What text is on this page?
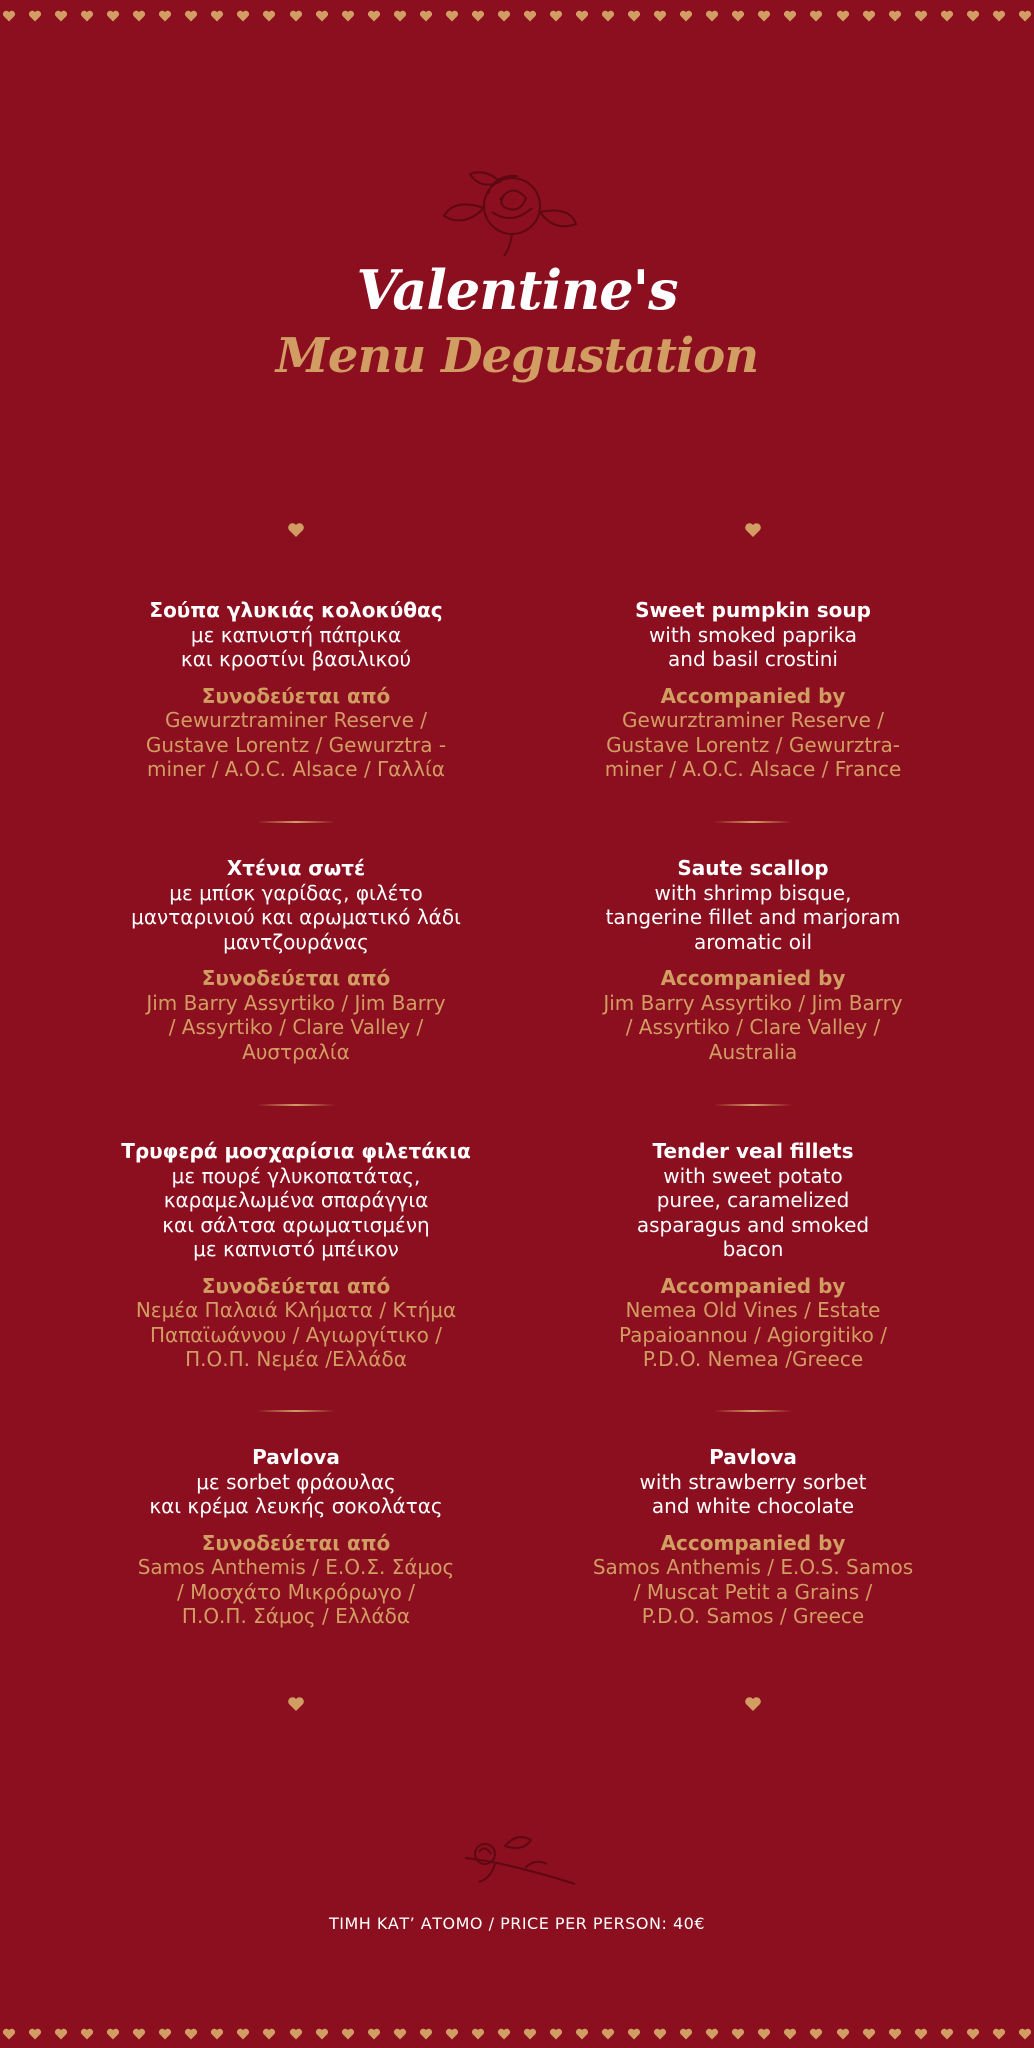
Valentine's
Menu Degustation
Σούπα γλυκιάς κολοκύθας
με καπνιστή πάπρικα
και κροστίνι βασιλικού
Συνοδεύεται από
Gewurztraminer Reserve /
Gustave Lorentz / Gewurztra -
miner / A.O.C. Alsace / Γαλλία
Sweet pumpkin soup
with smoked paprika
and basil crostini
Accompanied by
Gewurztraminer Reserve /
Gustave Lorentz / Gewurztra-
miner / A.O.C. Alsace / France
Χτένια σωτέ
με μπίσκ γαρίδας, φιλέτο
μανταρινιού και αρωματικό λάδι
μαντζουράνας
Συνοδεύεται από
Jim Barry Assyrtiko / Jim Barry
/ Assyrtiko / Clare Valley /
Αυστραλία
Saute scallop
with shrimp bisque,
tangerine fillet and marjoram
aromatic oil
Accompanied by
Jim Barry Assyrtiko / Jim Barry
/ Assyrtiko / Clare Valley /
Australia
Τρυφερά μοσχαρίσια φιλετάκια
με πουρέ γλυκοπατάτας,
καραμελωμένα σπαράγγια
και σάλτσα αρωματισμένη
με καπνιστό μπέικον
Συνοδεύεται από
Νεμέα Παλαιά Κλήματα / Κτήμα
Παπαϊωάννου / Αγιωργίτικο /
Π.Ο.Π. Νεμέα /Ελλάδα
Tender veal fillets
with sweet potato
puree, caramelized
asparagus and smoked
bacon
Accompanied by
Nemea Old Vines / Estate
Papaioannou / Agiorgitiko /
P.D.O. Nemea /Greece
Pavlova
με sorbet φράουλας
και κρέμα λευκής σοκολάτας
Συνοδεύεται από
Samos Anthemis / Ε.Ο.Σ. Σάμος
/ Μοσχάτο Μικρόρωγο /
Π.Ο.Π. Σάμος / Ελλάδα
Pavlova
with strawberry sorbet
and white chocolate
Accompanied by
Samos Anthemis / E.O.S. Samos
/ Muscat Petit a Grains /
P.D.O. Samos / Greece
ΤΙΜΗ ΚΑΤ’ ΑΤΟΜΟ / PRICE PER PERSON: 40€
